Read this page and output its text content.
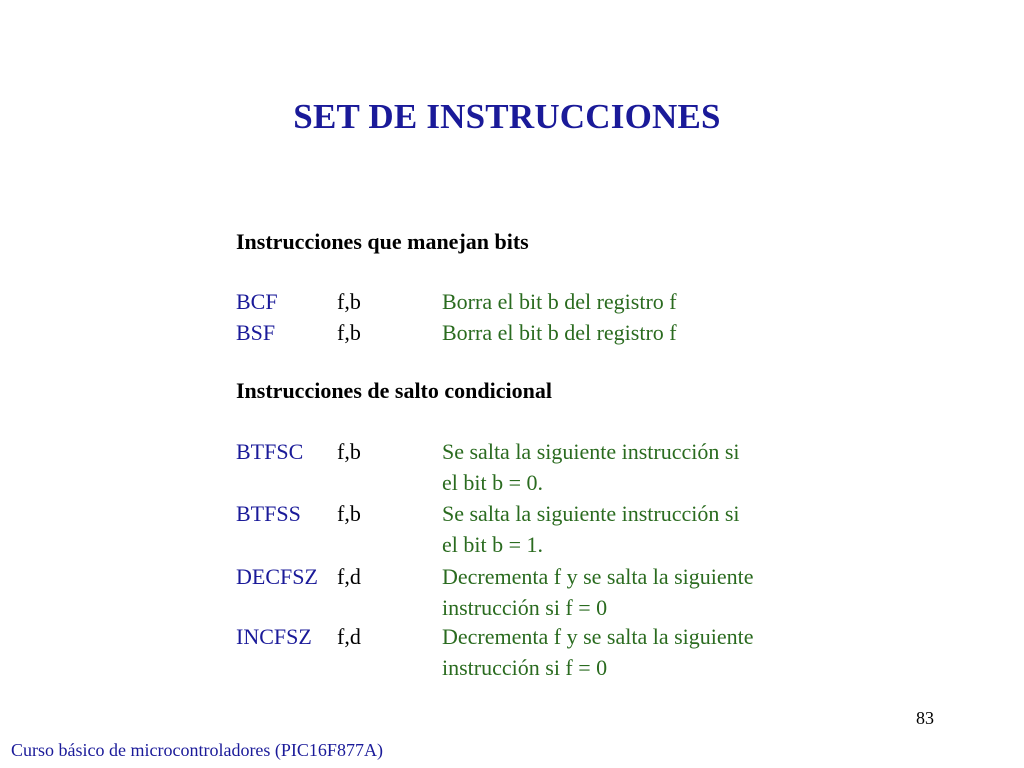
SET DE INSTRUCCIONES
Instrucciones que manejan bits
BCF	f,b	Borra el bit b del registro f
BSF	f,b	Borra el bit b del registro f
Instrucciones de salto condicional
BTFSC f,b	Se salta la siguiente instrucción si
el bit b = 0.
BTFSS f,b	Se salta la siguiente instrucción si
el bit b = 1.
DECFSZ f,d	Decrementa f y se salta la siguiente
instrucción si f = 0
INCFSZ f,d	Decrementa f y se salta la siguiente
instrucción si f = 0
83
Curso básico de microcontroladores (PIC16F877A)
